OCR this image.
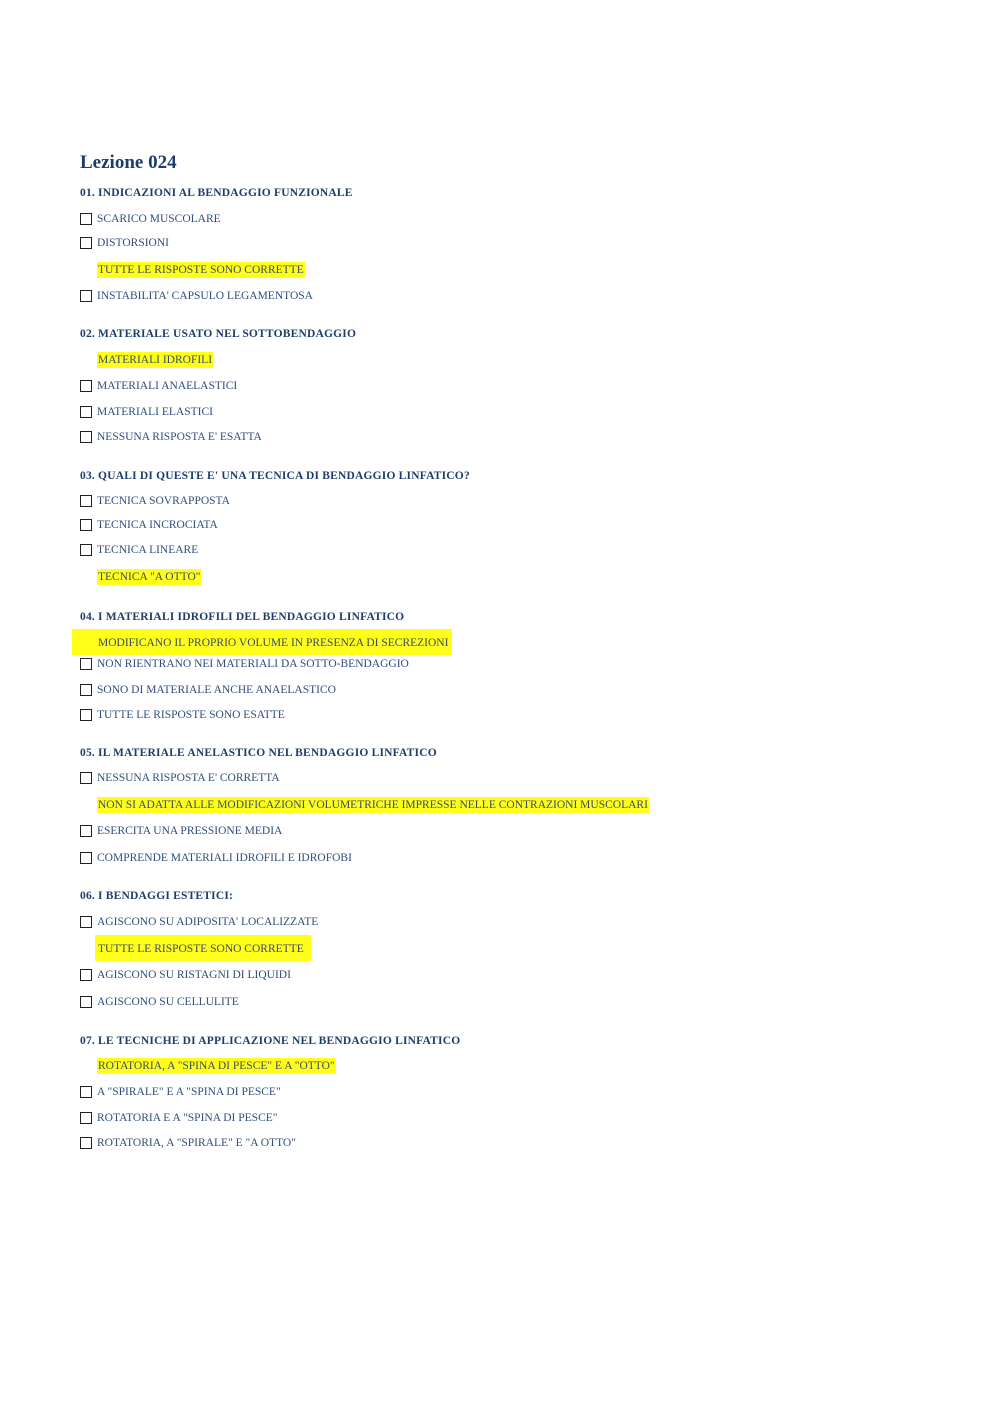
Lezione 024
01. INDICAZIONI AL BENDAGGIO FUNZIONALE
SCARICO MUSCOLARE
DISTORSIONI
TUTTE LE RISPOSTE SONO CORRETTE
INSTABILITA' CAPSULO LEGAMENTOSA
02. MATERIALE USATO NEL SOTTOBENDAGGIO
MATERIALI IDROFILI
MATERIALI ANAELASTICI
MATERIALI ELASTICI
NESSUNA RISPOSTA E' ESATTA
03. QUALI DI QUESTE E' UNA TECNICA DI BENDAGGIO LINFATICO?
TECNICA SOVRAPPOSTA
TECNICA INCROCIATA
TECNICA LINEARE
TECNICA "A OTTO"
04. I MATERIALI IDROFILI DEL BENDAGGIO LINFATICO
MODIFICANO IL PROPRIO VOLUME IN PRESENZA DI SECREZIONI
NON RIENTRANO NEI MATERIALI DA SOTTO-BENDAGGIO
SONO DI MATERIALE ANCHE ANAELASTICO
TUTTE LE RISPOSTE SONO ESATTE
05. IL MATERIALE ANELASTICO NEL BENDAGGIO LINFATICO
NESSUNA RISPOSTA E' CORRETTA
NON SI ADATTA ALLE MODIFICAZIONI VOLUMETRICHE IMPRESSE NELLE CONTRAZIONI MUSCOLARI
ESERCITA UNA PRESSIONE MEDIA
COMPRENDE MATERIALI IDROFILI E IDROFOBI
06. I BENDAGGI ESTETICI:
AGISCONO SU ADIPOSITA' LOCALIZZATE
TUTTE LE RISPOSTE SONO CORRETTE
AGISCONO SU RISTAGNI DI LIQUIDI
AGISCONO SU CELLULITE
07. LE TECNICHE DI APPLICAZIONE NEL BENDAGGIO LINFATICO
ROTATORIA, A "SPINA DI PESCE" E A "OTTO"
A "SPIRALE" E A "SPINA DI PESCE"
ROTATORIA E A "SPINA DI PESCE"
ROTATORIA, A "SPIRALE" E "A OTTO"
